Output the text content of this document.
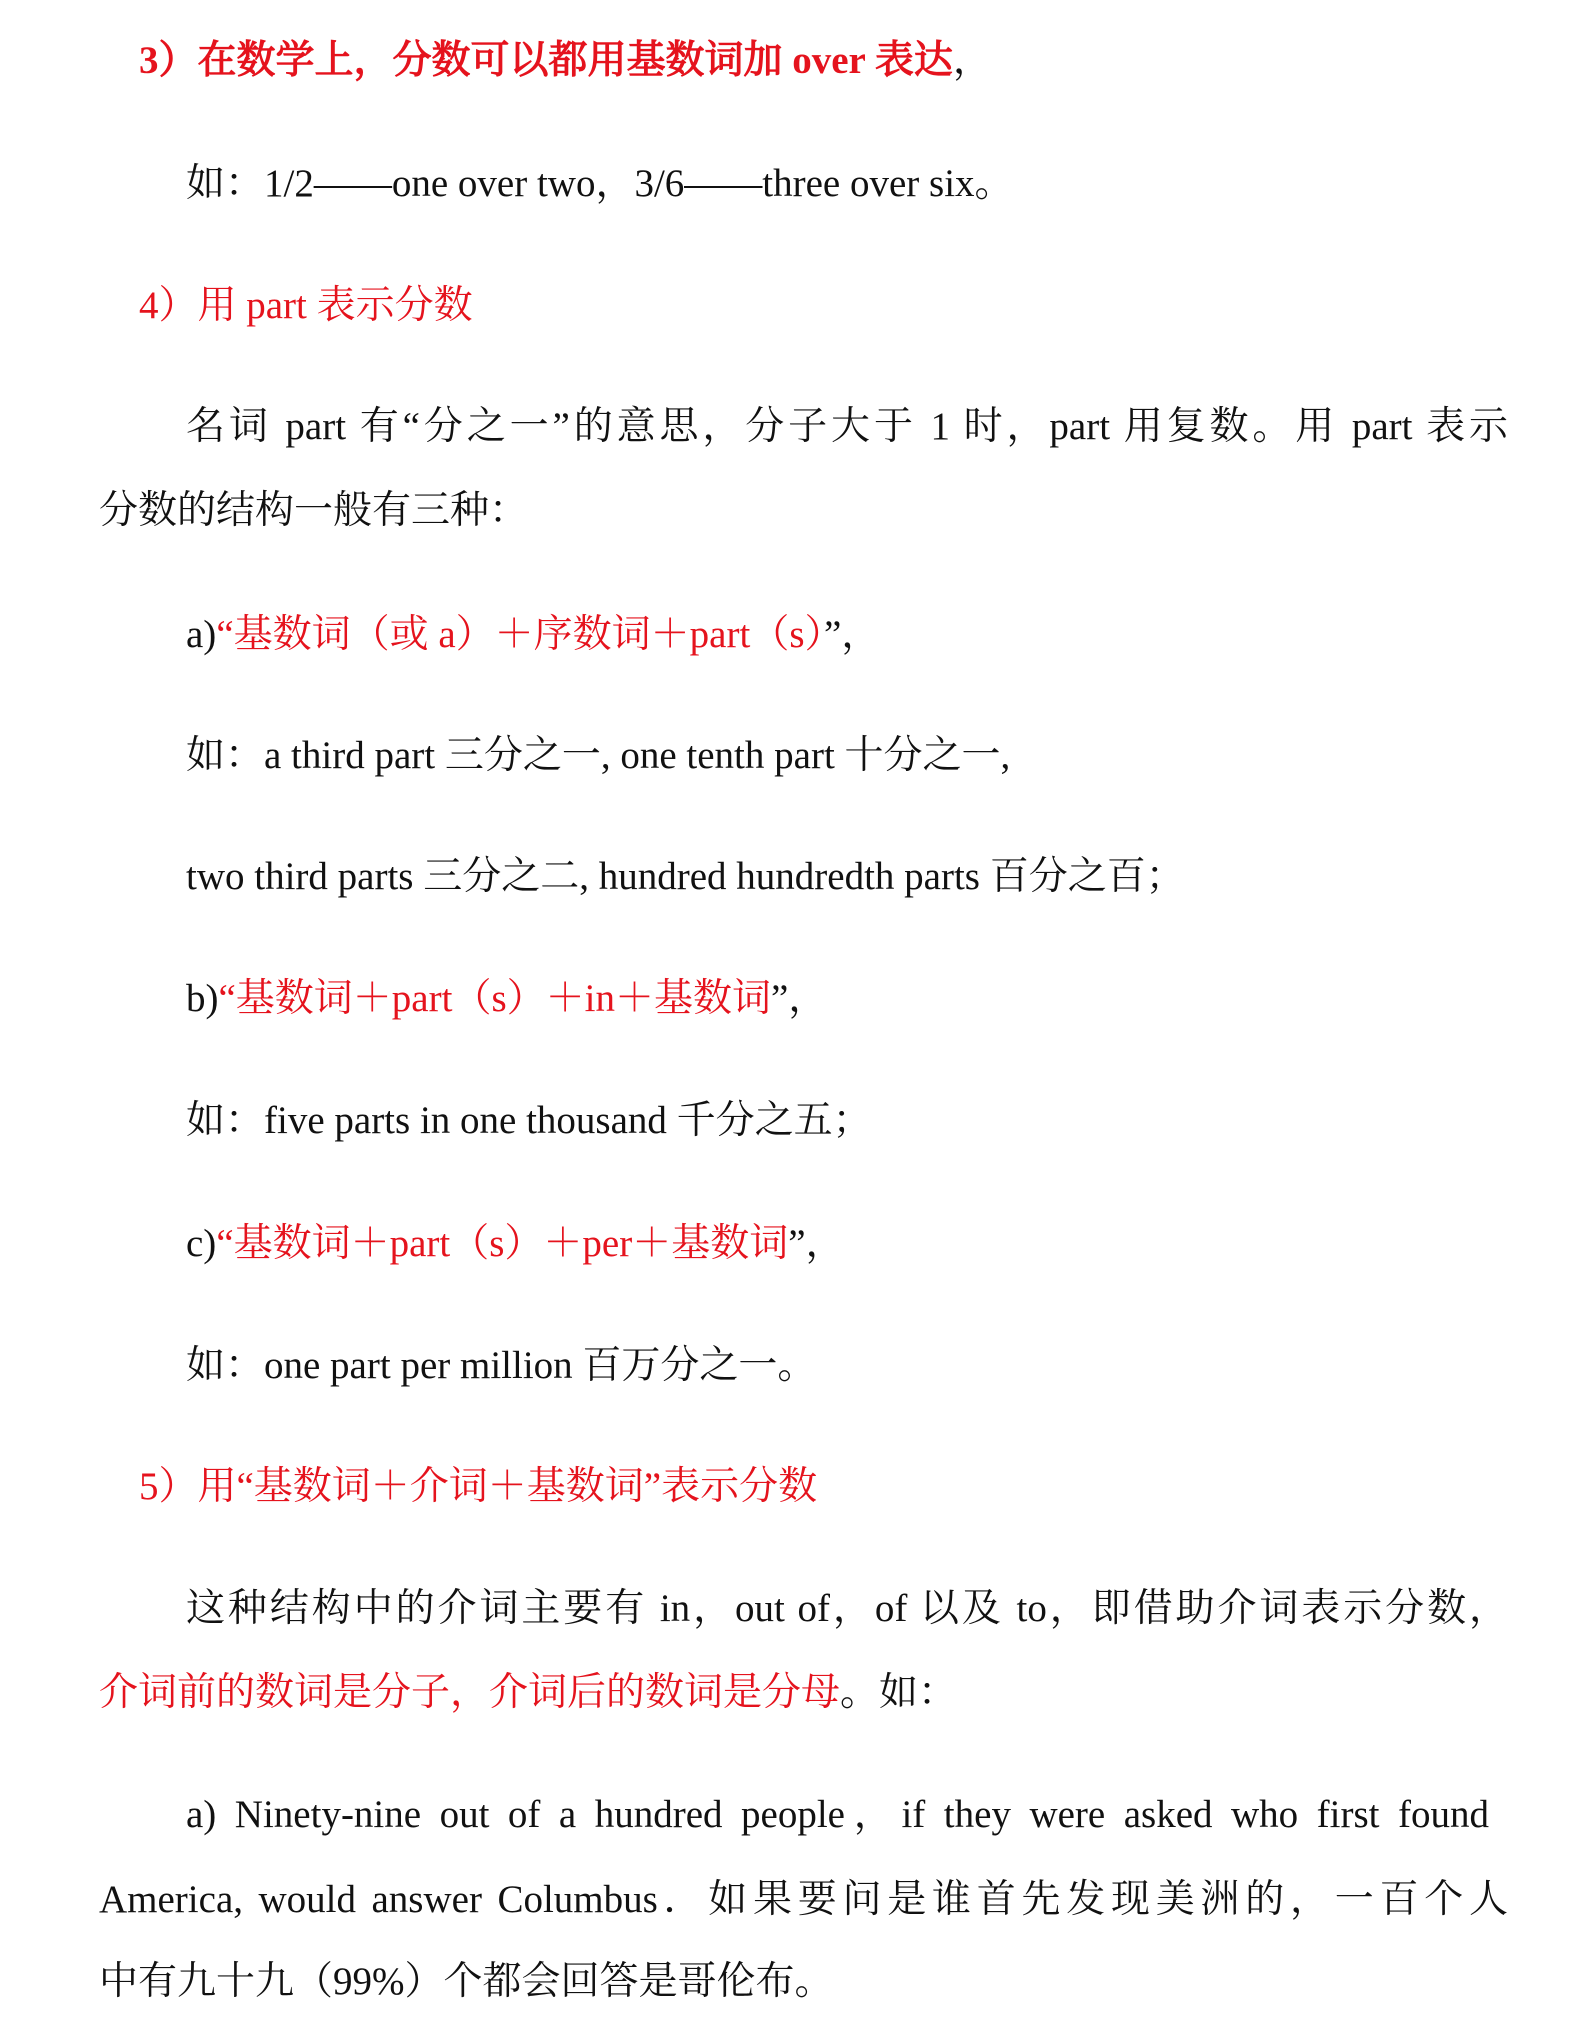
3）在数学上，分数可以都用基数词加 over 表达，
如：1/2——one over two，3/6——three over six。
4）用 part 表示分数
名词 part 有“分之一”的意思，分子大于 1 时，part 用复数。用 part 表示
分数的结构一般有三种：
a)“基数词（或 a）＋序数词＋part（s）”，
如：a third part 三分之一, one tenth part 十分之一,
two third parts 三分之二, hundred hundredth parts 百分之百；
b)“基数词＋part（s）＋in＋基数词”，
如：five parts in one thousand 千分之五；
c)“基数词＋part（s）＋per＋基数词”，
如：one part per million 百万分之一。
5）用“基数词＋介词＋基数词”表示分数
这种结构中的介词主要有 in，out of，of 以及 to，即借助介词表示分数，
介词前的数词是分子，介词后的数词是分母。如：
a) Ninety-nine out of a hundred people，if they were asked who first found
America, would answer Columbus．如果要问是谁首先发现美洲的，一百个人
中有九十九（99%）个都会回答是哥伦布。
